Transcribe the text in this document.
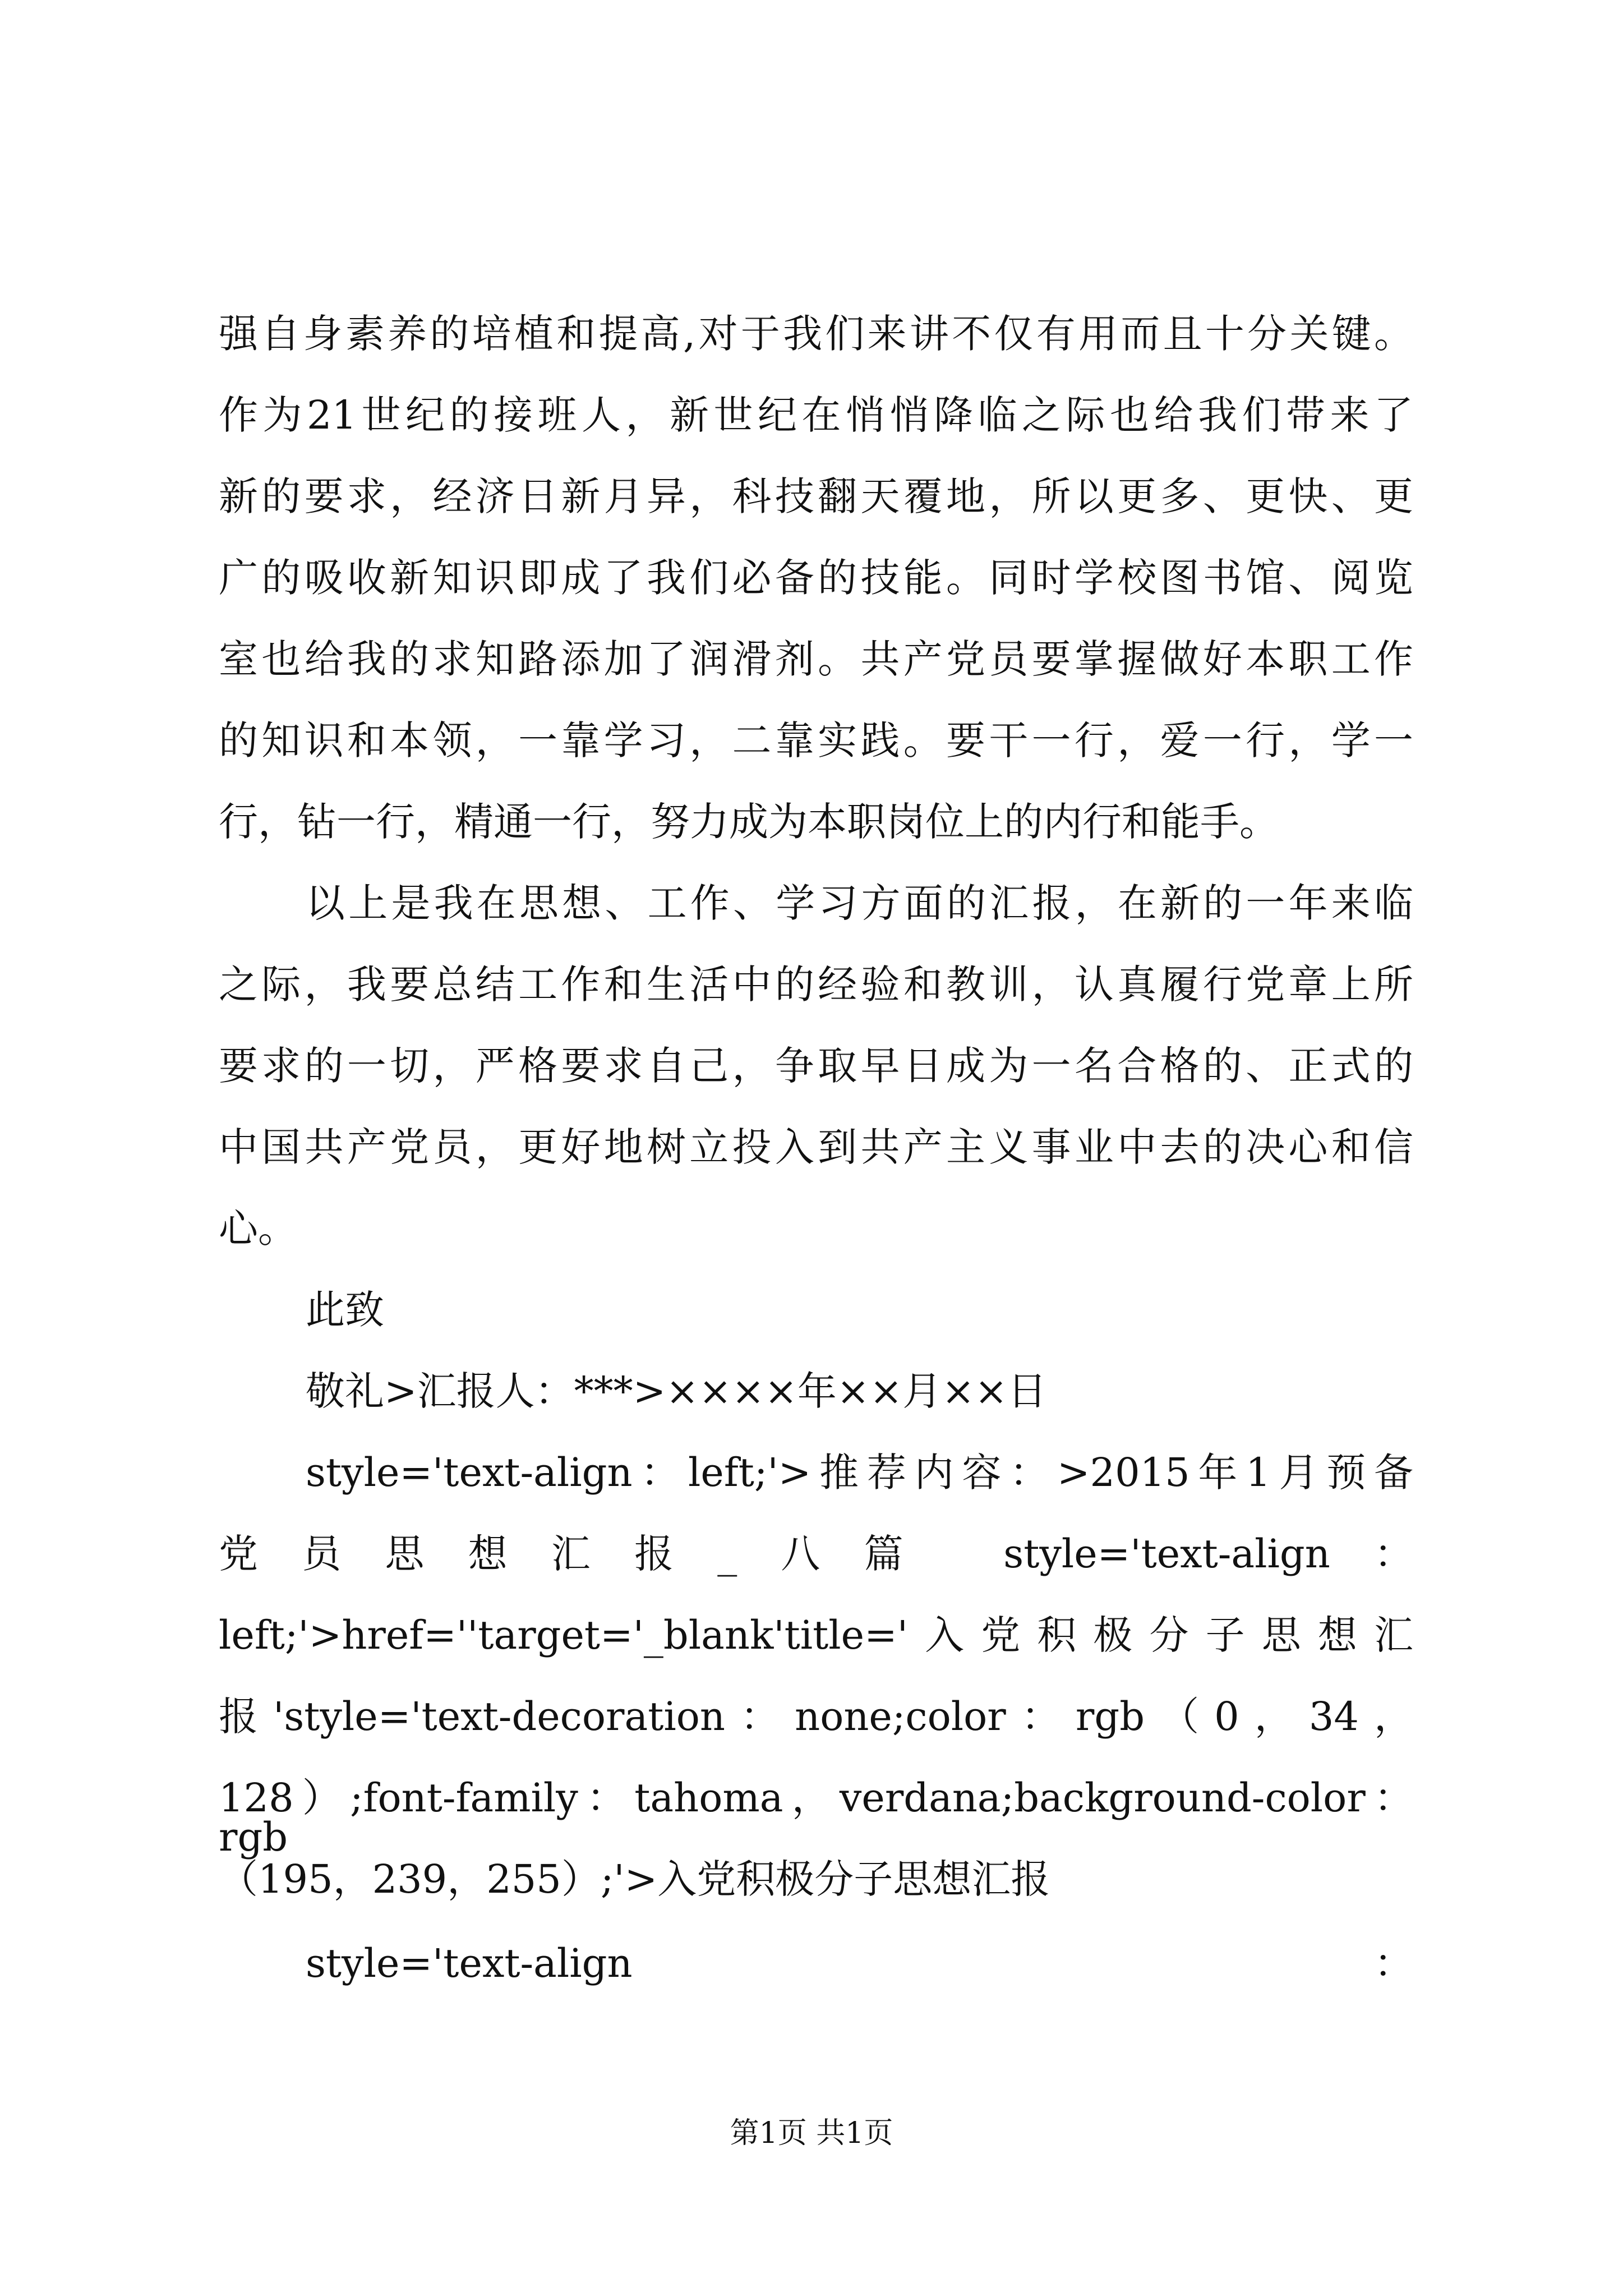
强自身素养的培植和提高,对于我们来讲不仅有用而且十分关键。
作为21世纪的接班人，新世纪在悄悄降临之际也给我们带来了
新的要求，经济日新月异，科技翻天覆地，所以更多、更快、更
广的吸收新知识即成了我们必备的技能。同时学校图书馆、阅览
室也给我的求知路添加了润滑剂。共产党员要掌握做好本职工作
的知识和本领，一靠学习，二靠实践。要干一行，爱一行，学一
行，钻一行，精通一行，努力成为本职岗位上的内行和能手。
以上是我在思想、工作、学习方面的汇报，在新的一年来临
之际，我要总结工作和生活中的经验和教训，认真履行党章上所
要求的一切，严格要求自己，争取早日成为一名合格的、正式的
中国共产党员，更好地树立投入到共产主义事业中去的决心和信
心。
此致
敬礼>汇报人：***>××××年××月××日
style='text-align：left;'>推荐内容：>2015年1月预备
党员思想汇报_八篇 style='text-align：
left;'>href=''target='_blank'title='入党积极分子思想汇
报'style='text-decoration：none;color：rgb（0，34，
128）;font-family：tahoma，verdana;background-color：rgb
（195，239，255）;'>入党积极分子思想汇报
style='text-align	：
第1页 共1页
